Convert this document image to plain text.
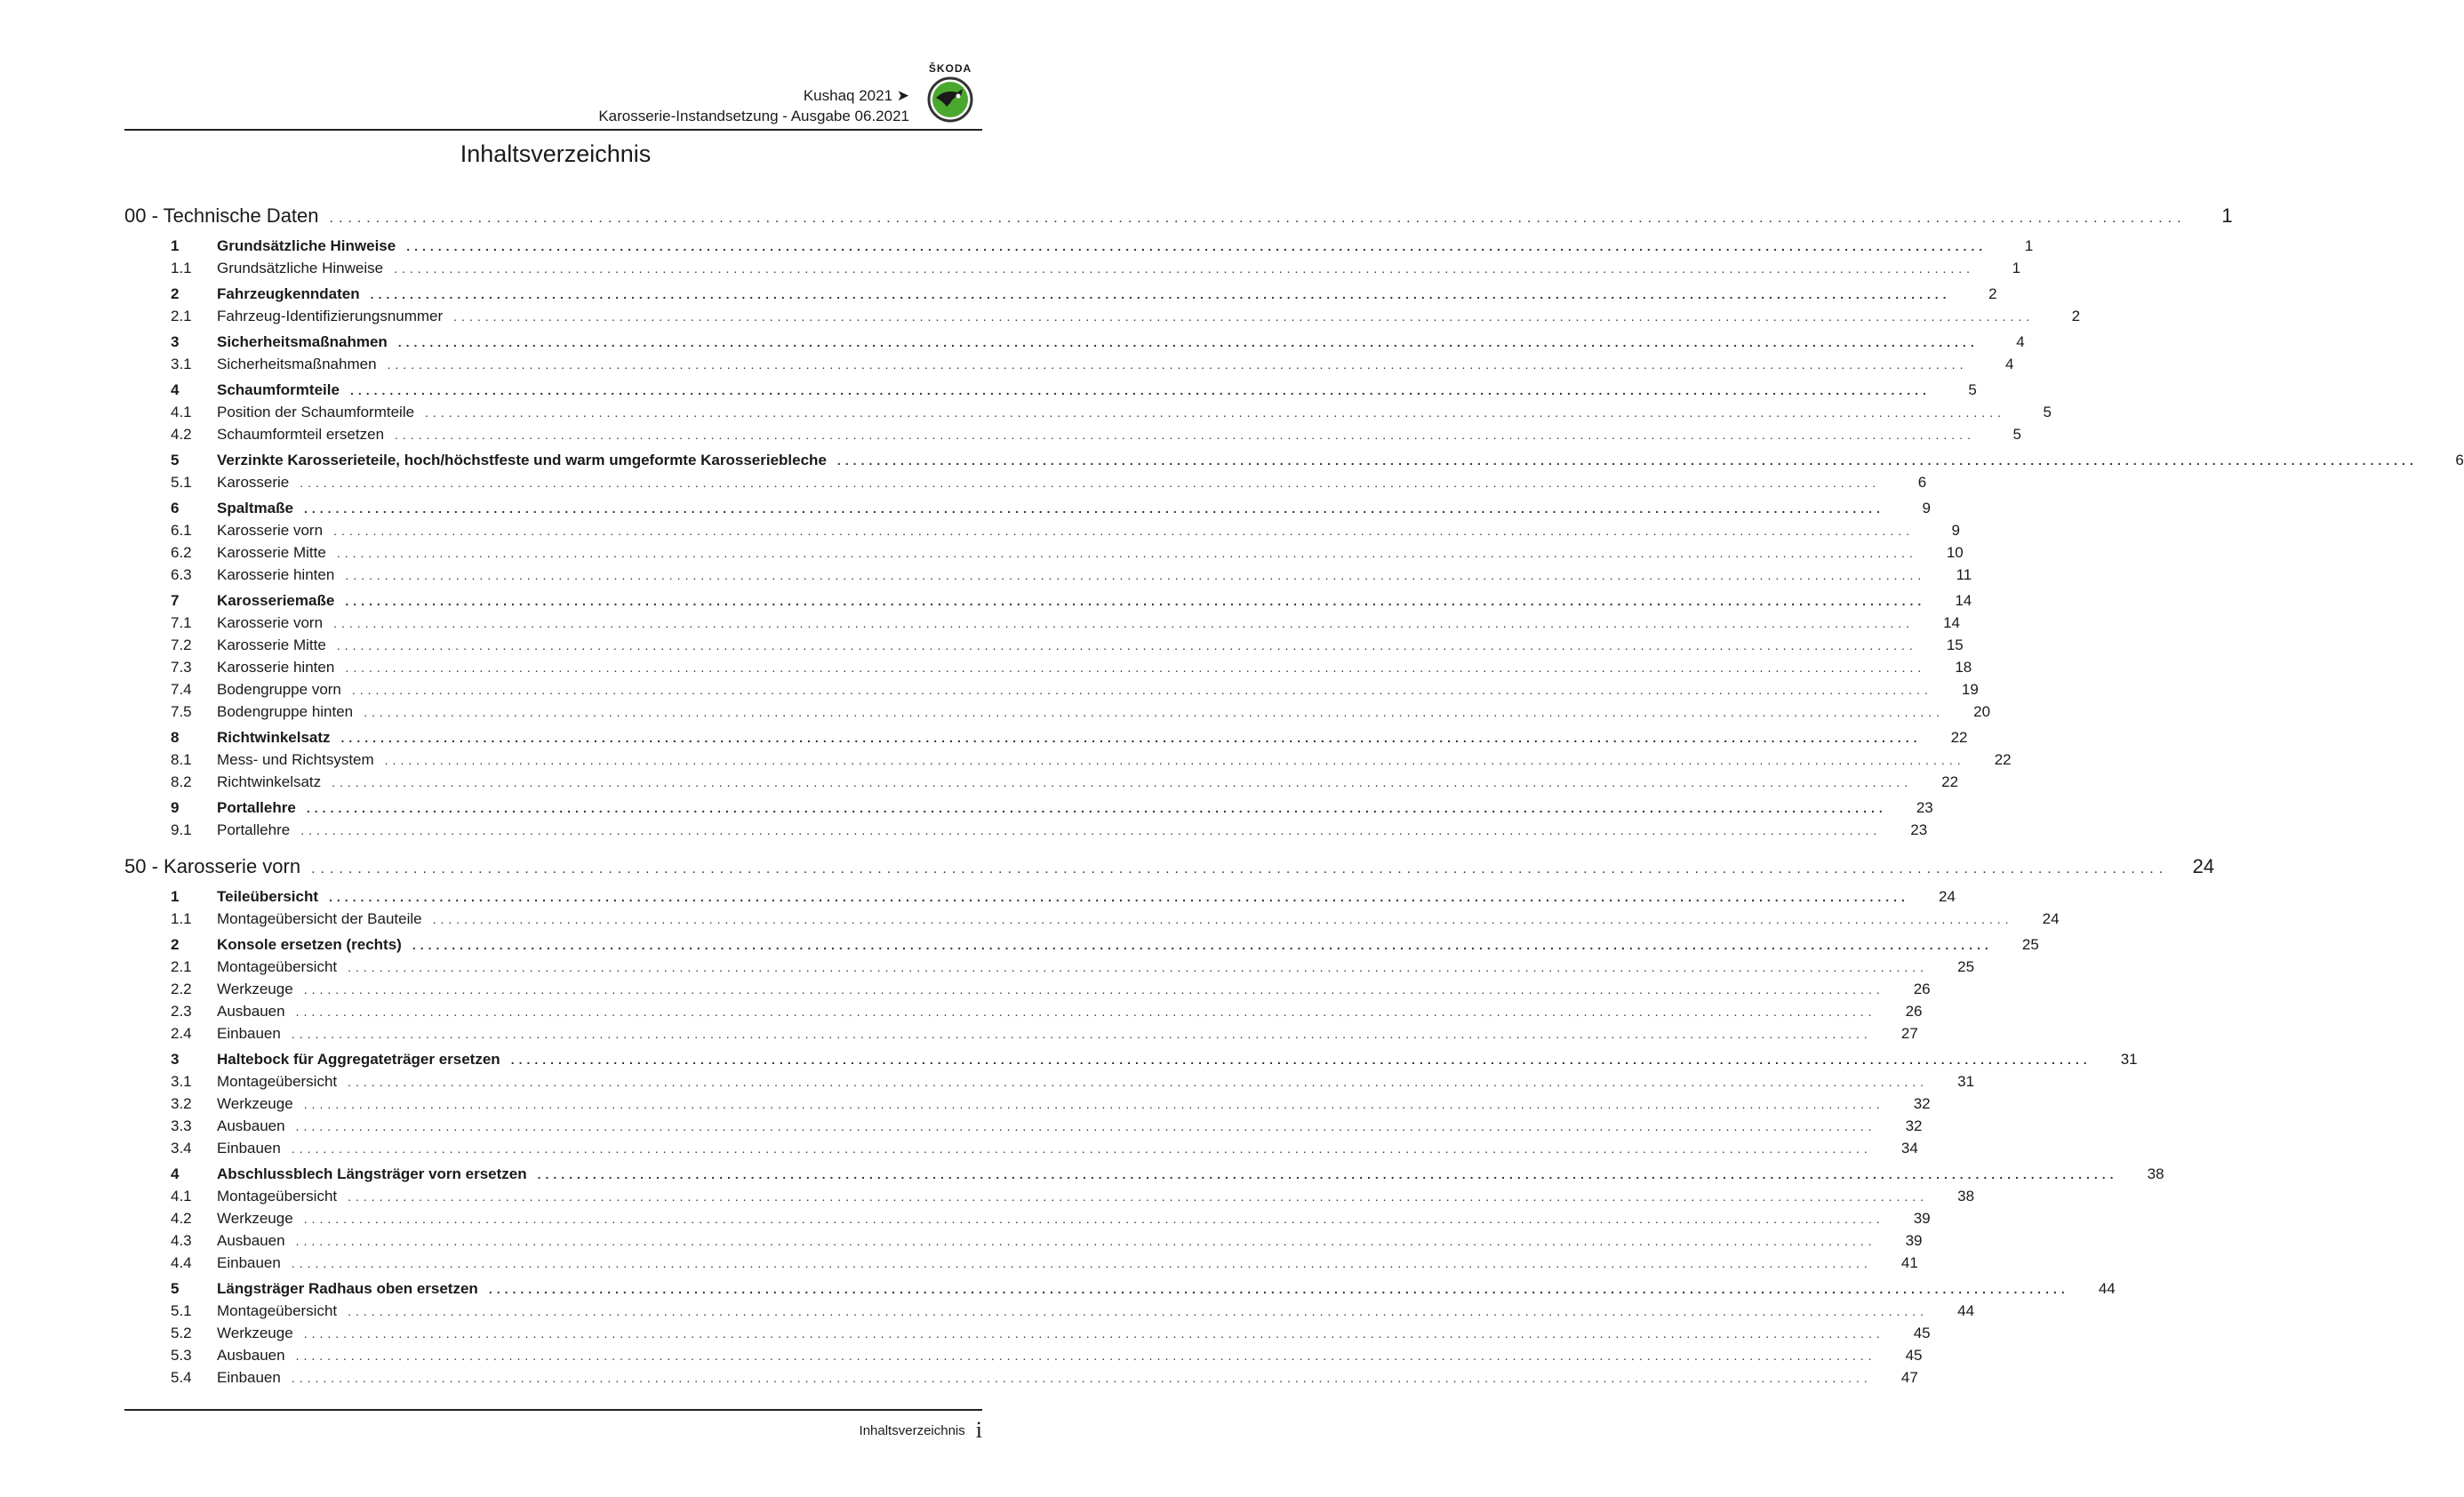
Kushaq 2021 ➤
Karosserie-Instandsetzung - Ausgabe 06.2021
ŠKODA
Inhaltsverzeichnis
00 - Technische Daten ........................................................................................................................................................................................................	1
1	Grundsätzliche Hinweise ........................................................................................................................................................................................................	1
1.1	Grundsätzliche Hinweise ........................................................................................................................................................................................................	1
2	Fahrzeugkenndaten ........................................................................................................................................................................................................	2
2.1	Fahrzeug-Identifizierungsnummer ........................................................................................................................................................................................................	2
3	Sicherheitsmaßnahmen ........................................................................................................................................................................................................	4
3.1	Sicherheitsmaßnahmen ........................................................................................................................................................................................................	4
4	Schaumformteile ........................................................................................................................................................................................................	5
4.1	Position der Schaumformteile ........................................................................................................................................................................................................	5
4.2	Schaumformteil ersetzen ........................................................................................................................................................................................................	5
5	Verzinkte Karosserieteile, hoch/höchstfeste und warm umgeformte Karosseriebleche ........................................................................................................................................................................................................	6
5.1	Karosserie ........................................................................................................................................................................................................	6
6	Spaltmaße ........................................................................................................................................................................................................	9
6.1	Karosserie vorn ........................................................................................................................................................................................................	9
6.2	Karosserie Mitte ........................................................................................................................................................................................................	10
6.3	Karosserie hinten ........................................................................................................................................................................................................	11
7	Karosseriemaße ........................................................................................................................................................................................................	14
7.1	Karosserie vorn ........................................................................................................................................................................................................	14
7.2	Karosserie Mitte ........................................................................................................................................................................................................	15
7.3	Karosserie hinten ........................................................................................................................................................................................................	18
7.4	Bodengruppe vorn ........................................................................................................................................................................................................	19
7.5	Bodengruppe hinten ........................................................................................................................................................................................................	20
8	Richtwinkelsatz ........................................................................................................................................................................................................	22
8.1	Mess- und Richtsystem ........................................................................................................................................................................................................	22
8.2	Richtwinkelsatz ........................................................................................................................................................................................................	22
9	Portallehre ........................................................................................................................................................................................................	23
9.1	Portallehre ........................................................................................................................................................................................................	23
50 - Karosserie vorn ........................................................................................................................................................................................................	24
1	Teileübersicht ........................................................................................................................................................................................................	24
1.1	Montageübersicht der Bauteile ........................................................................................................................................................................................................	24
2	Konsole ersetzen (rechts) ........................................................................................................................................................................................................	25
2.1	Montageübersicht ........................................................................................................................................................................................................	25
2.2	Werkzeuge ........................................................................................................................................................................................................	26
2.3	Ausbauen ........................................................................................................................................................................................................	26
2.4	Einbauen ........................................................................................................................................................................................................	27
3	Haltebock für Aggregateträger ersetzen ........................................................................................................................................................................................................	31
3.1	Montageübersicht ........................................................................................................................................................................................................	31
3.2	Werkzeuge ........................................................................................................................................................................................................	32
3.3	Ausbauen ........................................................................................................................................................................................................	32
3.4	Einbauen ........................................................................................................................................................................................................	34
4	Abschlussblech Längsträger vorn ersetzen ........................................................................................................................................................................................................	38
4.1	Montageübersicht ........................................................................................................................................................................................................	38
4.2	Werkzeuge ........................................................................................................................................................................................................	39
4.3	Ausbauen ........................................................................................................................................................................................................	39
4.4	Einbauen ........................................................................................................................................................................................................	41
5	Längsträger Radhaus oben ersetzen ........................................................................................................................................................................................................	44
5.1	Montageübersicht ........................................................................................................................................................................................................	44
5.2	Werkzeuge ........................................................................................................................................................................................................	45
5.3	Ausbauen ........................................................................................................................................................................................................	45
5.4	Einbauen ........................................................................................................................................................................................................	47
Inhaltsverzeichnis i
